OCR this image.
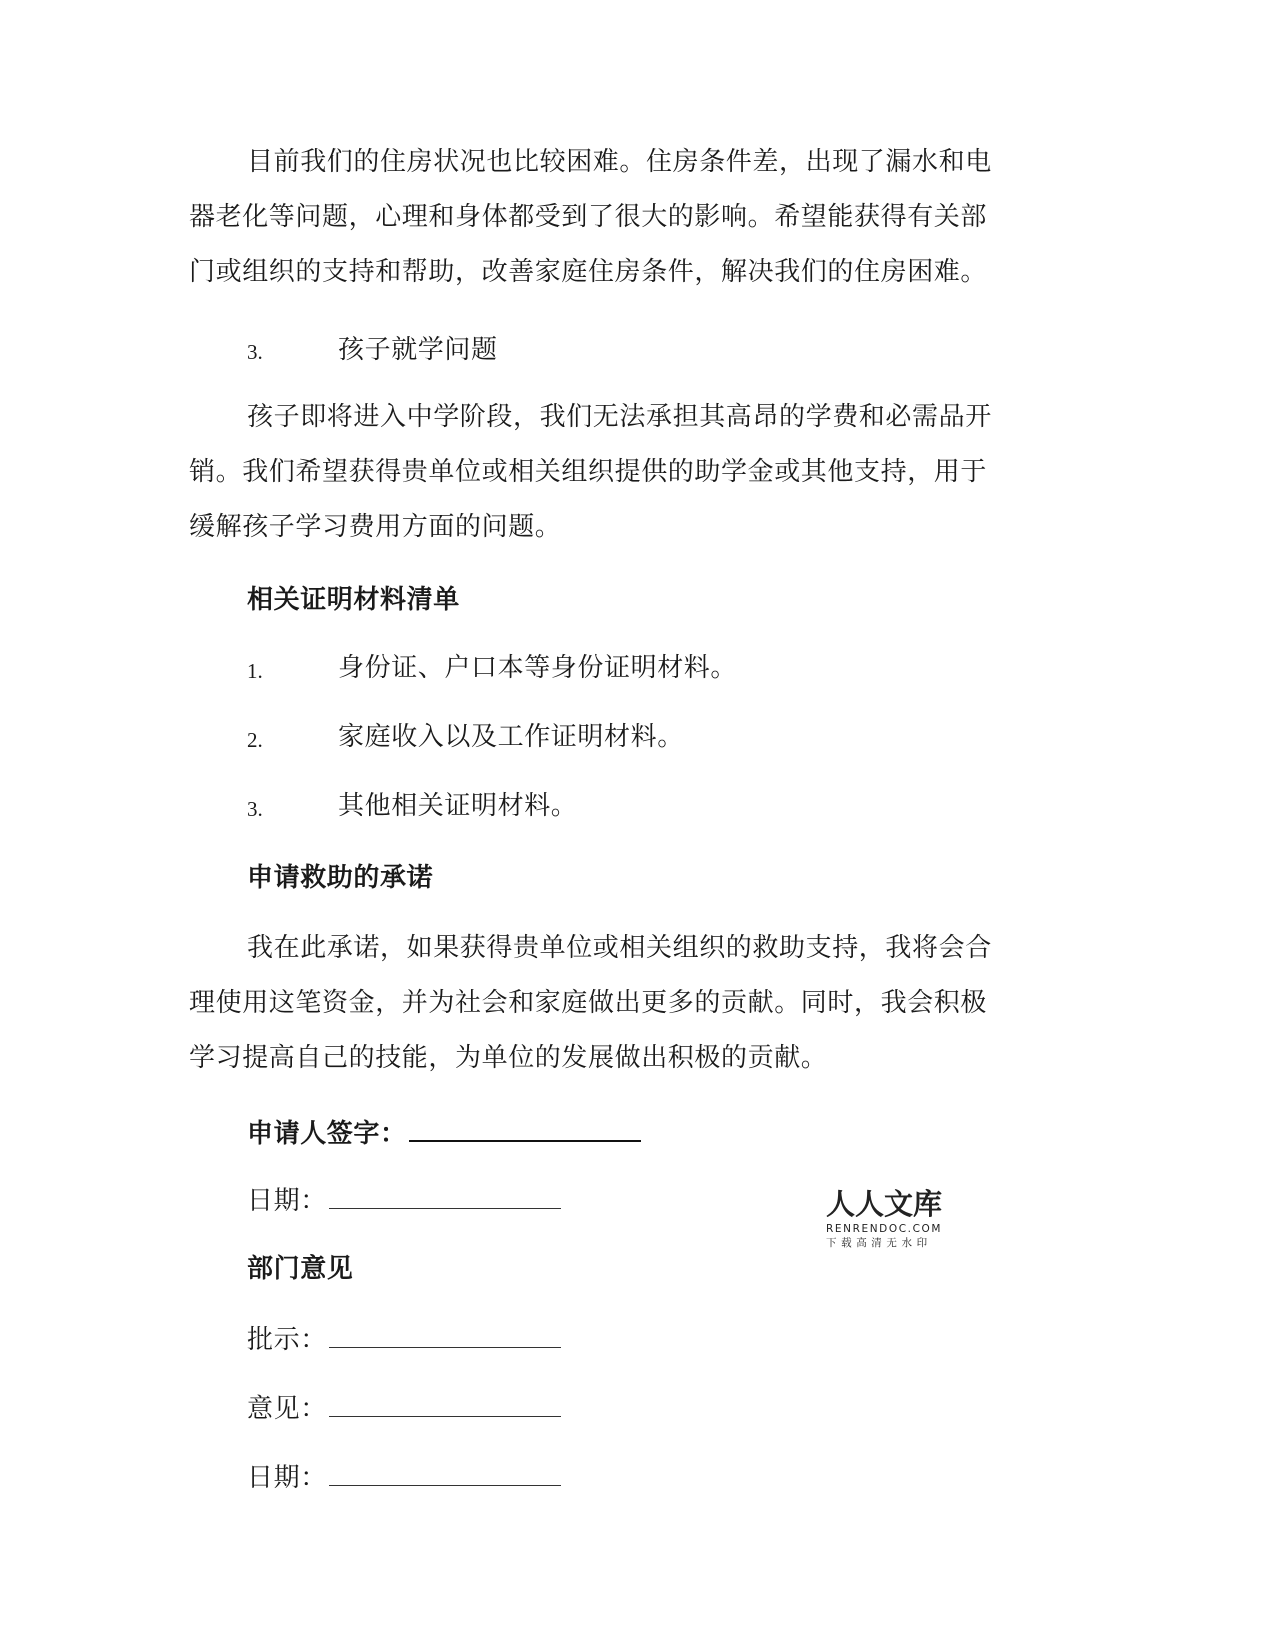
目前我们的住房状况也比较困难。住房条件差，出现了漏水和电
器老化等问题，心理和身体都受到了很大的影响。希望能获得有关部
门或组织的支持和帮助，改善家庭住房条件，解决我们的住房困难。
3.	孩子就学问题
孩子即将进入中学阶段，我们无法承担其高昂的学费和必需品开
销。我们希望获得贵单位或相关组织提供的助学金或其他支持，用于
缓解孩子学习费用方面的问题。
相关证明材料清单
1.	身份证、户口本等身份证明材料。
2.	家庭收入以及工作证明材料。
3.	其他相关证明材料。
申请救助的承诺
我在此承诺，如果获得贵单位或相关组织的救助支持，我将会合
理使用这笔资金，并为社会和家庭做出更多的贡献。同时，我会积极
学习提高自己的技能，为单位的发展做出积极的贡献。
申请人签字：
日期：	人人文库
RENRENDOC.COM
下载高清无水印
部门意见
批示：
意见：
日期：
